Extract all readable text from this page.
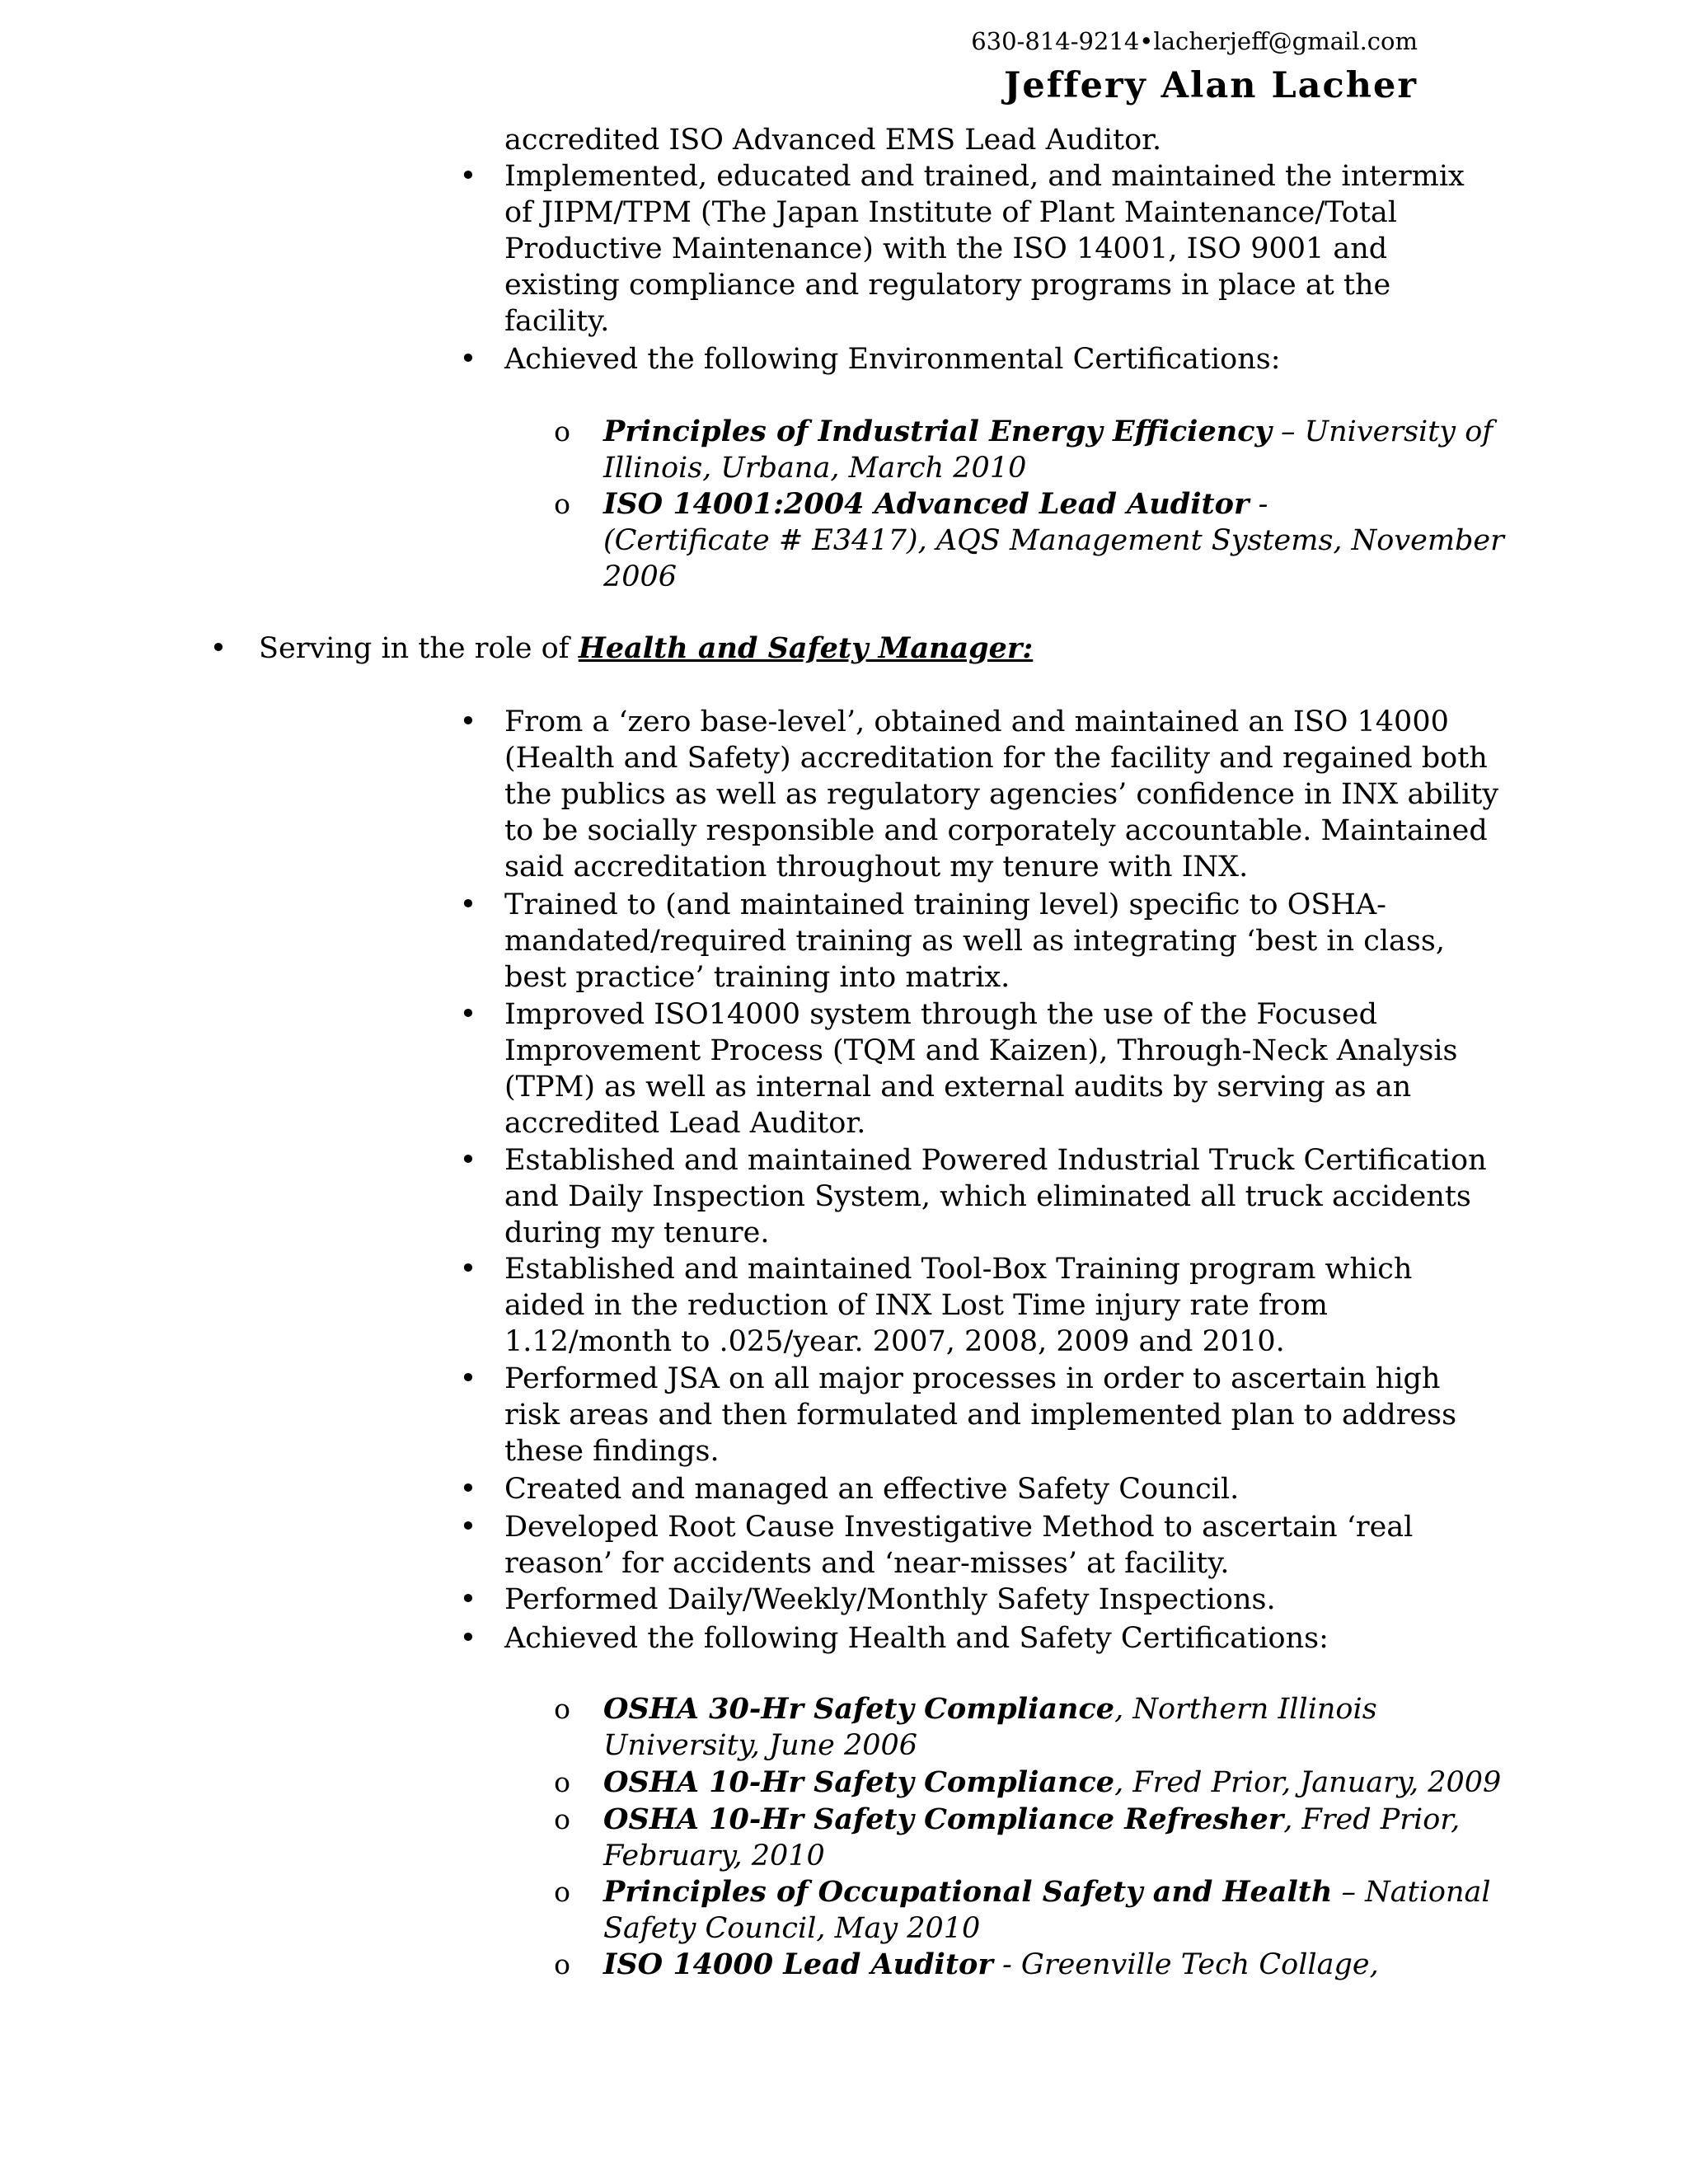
630-814-9214•lacherjeff@gmail.com
Jeffery Alan Lacher
accredited ISO Advanced EMS Lead Auditor.
• Implemented, educated and trained, and maintained the intermix
of JIPM/TPM (The Japan Institute of Plant Maintenance/Total
Productive Maintenance) with the ISO 14001, ISO 9001 and
existing compliance and regulatory programs in place at the
facility.
• Achieved the following Environmental Certifications:
o Principles of Industrial Energy Efficiency – University of
Illinois, Urbana, March 2010
o ISO 14001:2004 Advanced Lead Auditor -
(Certificate # E3417), AQS Management Systems, November
2006
• Serving in the role of Health and Safety Manager:
• From a ‘zero base-level’, obtained and maintained an ISO 14000
(Health and Safety) accreditation for the facility and regained both
the publics as well as regulatory agencies’ confidence in INX ability
to be socially responsible and corporately accountable. Maintained
said accreditation throughout my tenure with INX.
• Trained to (and maintained training level) specific to OSHA-
mandated/required training as well as integrating ‘best in class,
best practice’ training into matrix.
• Improved ISO14000 system through the use of the Focused
Improvement Process (TQM and Kaizen), Through-Neck Analysis
(TPM) as well as internal and external audits by serving as an
accredited Lead Auditor.
• Established and maintained Powered Industrial Truck Certification
and Daily Inspection System, which eliminated all truck accidents
during my tenure.
• Established and maintained Tool-Box Training program which
aided in the reduction of INX Lost Time injury rate from
1.12/month to .025/year. 2007, 2008, 2009 and 2010.
• Performed JSA on all major processes in order to ascertain high
risk areas and then formulated and implemented plan to address
these findings.
• Created and managed an effective Safety Council.
• Developed Root Cause Investigative Method to ascertain ‘real
reason’ for accidents and ‘near-misses’ at facility.
• Performed Daily/Weekly/Monthly Safety Inspections.
• Achieved the following Health and Safety Certifications:
o OSHA 30-Hr Safety Compliance, Northern Illinois
University, June 2006
o OSHA 10-Hr Safety Compliance, Fred Prior, January, 2009
o OSHA 10-Hr Safety Compliance Refresher, Fred Prior,
February, 2010
o Principles of Occupational Safety and Health – National
Safety Council, May 2010
o ISO 14000 Lead Auditor - Greenville Tech Collage,
